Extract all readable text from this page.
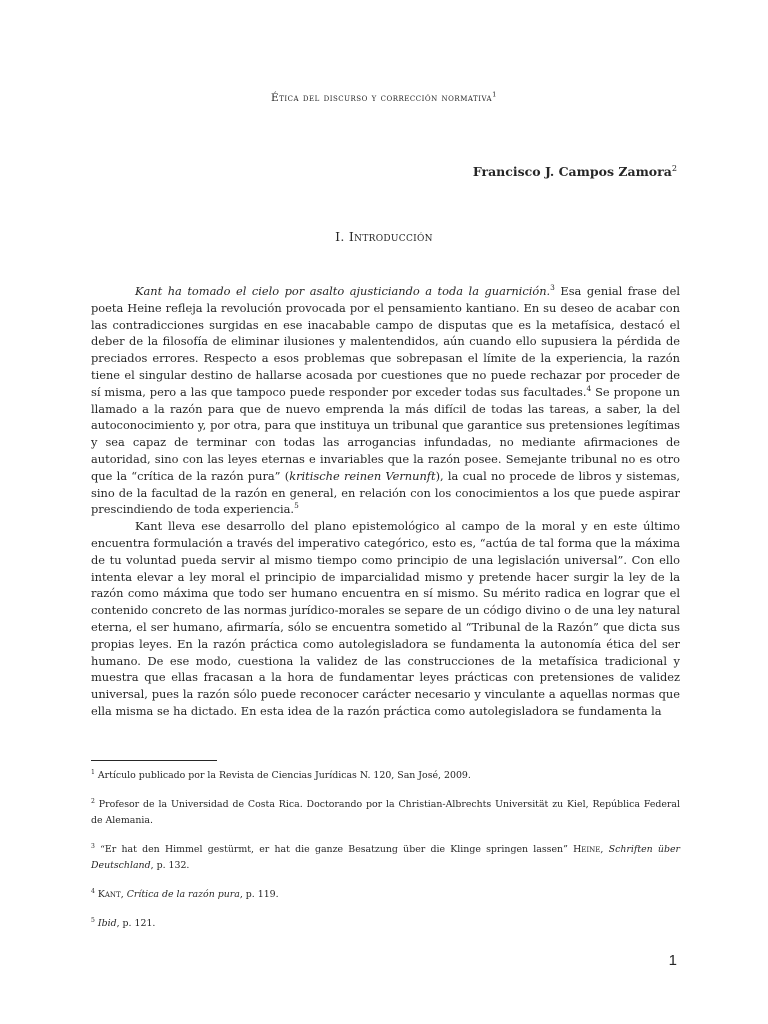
Ética del discurso y corrección normativa$^1$
Francisco J. Campos Zamora$^2$
I. Introducción

Kant ha tomado el cielo por asalto ajusticiando a toda la guarnición.$^3$ Esa genial frase del poeta Heine refleja la revolución provocada por el pensamiento kantiano. En su deseo de acabar con las contradicciones surgidas en ese inacabable campo de disputas que es la metafísica, destacó el deber de la filosofía de eliminar ilusiones y malentendidos, aún cuando ello supusiera la pérdida de preciados errores. Respecto a esos problemas que sobrepasan el límite de la experiencia, la razón tiene el singular destino de hallarse acosada por cuestiones que no puede rechazar por proceder de sí misma, pero a las que tampoco puede responder por exceder todas sus facultades.$^4$ Se propone un llamado a la razón para que de nuevo emprenda la más difícil de todas las tareas, a saber, la del autoconocimiento y, por otra, para que instituya un tribunal que garantice sus pretensiones legítimas y sea capaz de terminar con todas las arrogancias infundadas, no mediante afirmaciones de autoridad, sino con las leyes eternas e invariables que la razón posee. Semejante tribunal no es otro que la “crítica de la razón pura” (kritische reinen Vernunft), la cual no procede de libros y sistemas, sino de la facultad de la razón en general, en relación con los conocimientos a los que puede aspirar prescindiendo de toda experiencia.$^5$

Kant lleva ese desarrollo del plano epistemológico al campo de la moral y en este último encuentra formulación a través del imperativo categórico, esto es, “actúa de tal forma que la máxima de tu voluntad pueda servir al mismo tiempo como principio de una legislación universal”. Con ello intenta elevar a ley moral el principio de imparcialidad mismo y pretende hacer surgir la ley de la razón como máxima que todo ser humano encuentra en sí mismo. Su mérito radica en lograr que el contenido concreto de las normas jurídico-morales se separe de un código divino o de una ley natural eterna, el ser humano, afirmaría, sólo se encuentra sometido al “Tribunal de la Razón” que dicta sus propias leyes. En la razón práctica como autolegisladora se fundamenta la autonomía ética del ser humano. De ese modo, cuestiona la validez de las construcciones de la metafísica tradicional y muestra que ellas fracasan a la hora de fundamentar leyes prácticas con pretensiones de validez universal, pues la razón sólo puede reconocer carácter necesario y vinculante a aquellas normas que ella misma se ha dictado. En esta idea de la razón práctica como autolegisladora se fundamenta la

$^1$ Artículo publicado por la Revista de Ciencias Jurídicas N. 120, San José, 2009.

$^2$ Profesor de la Universidad de Costa Rica. Doctorando por la Christian-Albrechts Universität zu Kiel, República Federal de Alemania.

$^3$ “Er hat den Himmel gestürmt, er hat die ganze Besatzung über die Klinge springen lassen” Heine, Schriften über Deutschland, p. 132.

$^4$ Kant, Crítica de la razón pura, p. 119.

$^5$ Ibid, p. 121.

1
